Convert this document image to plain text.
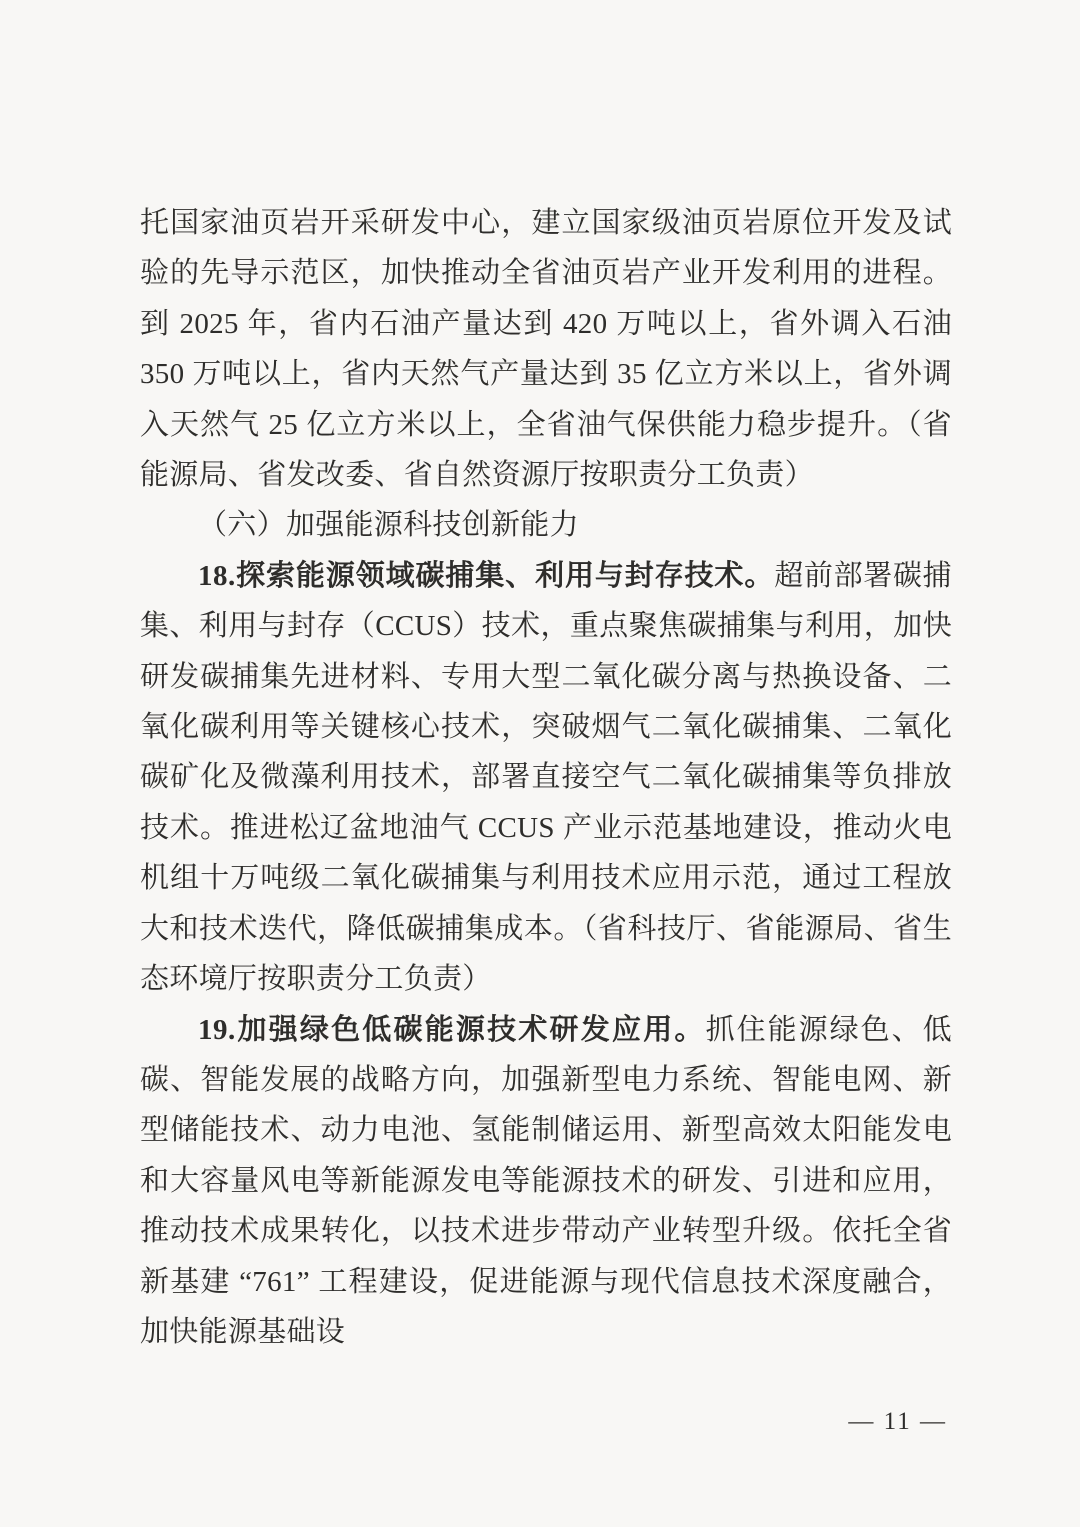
托国家油页岩开采研发中心，建立国家级油页岩原位开发及试验的先导示范区，加快推动全省油页岩产业开发利用的进程。到 2025 年，省内石油产量达到 420 万吨以上，省外调入石油 350 万吨以上，省内天然气产量达到 35 亿立方米以上，省外调入天然气 25 亿立方米以上，全省油气保供能力稳步提升。（省能源局、省发改委、省自然资源厅按职责分工负责）

（六）加强能源科技创新能力

18.探索能源领域碳捕集、利用与封存技术。超前部署碳捕集、利用与封存（CCUS）技术，重点聚焦碳捕集与利用，加快研发碳捕集先进材料、专用大型二氧化碳分离与热换设备、二氧化碳利用等关键核心技术，突破烟气二氧化碳捕集、二氧化碳矿化及微藻利用技术，部署直接空气二氧化碳捕集等负排放技术。推进松辽盆地油气 CCUS 产业示范基地建设，推动火电机组十万吨级二氧化碳捕集与利用技术应用示范，通过工程放大和技术迭代，降低碳捕集成本。（省科技厅、省能源局、省生态环境厅按职责分工负责）

19.加强绿色低碳能源技术研发应用。抓住能源绿色、低碳、智能发展的战略方向，加强新型电力系统、智能电网、新型储能技术、动力电池、氢能制储运用、新型高效太阳能发电和大容量风电等新能源发电等能源技术的研发、引进和应用，推动技术成果转化，以技术进步带动产业转型升级。依托全省新基建 “761” 工程建设，促进能源与现代信息技术深度融合，加快能源基础设

— 11 —
